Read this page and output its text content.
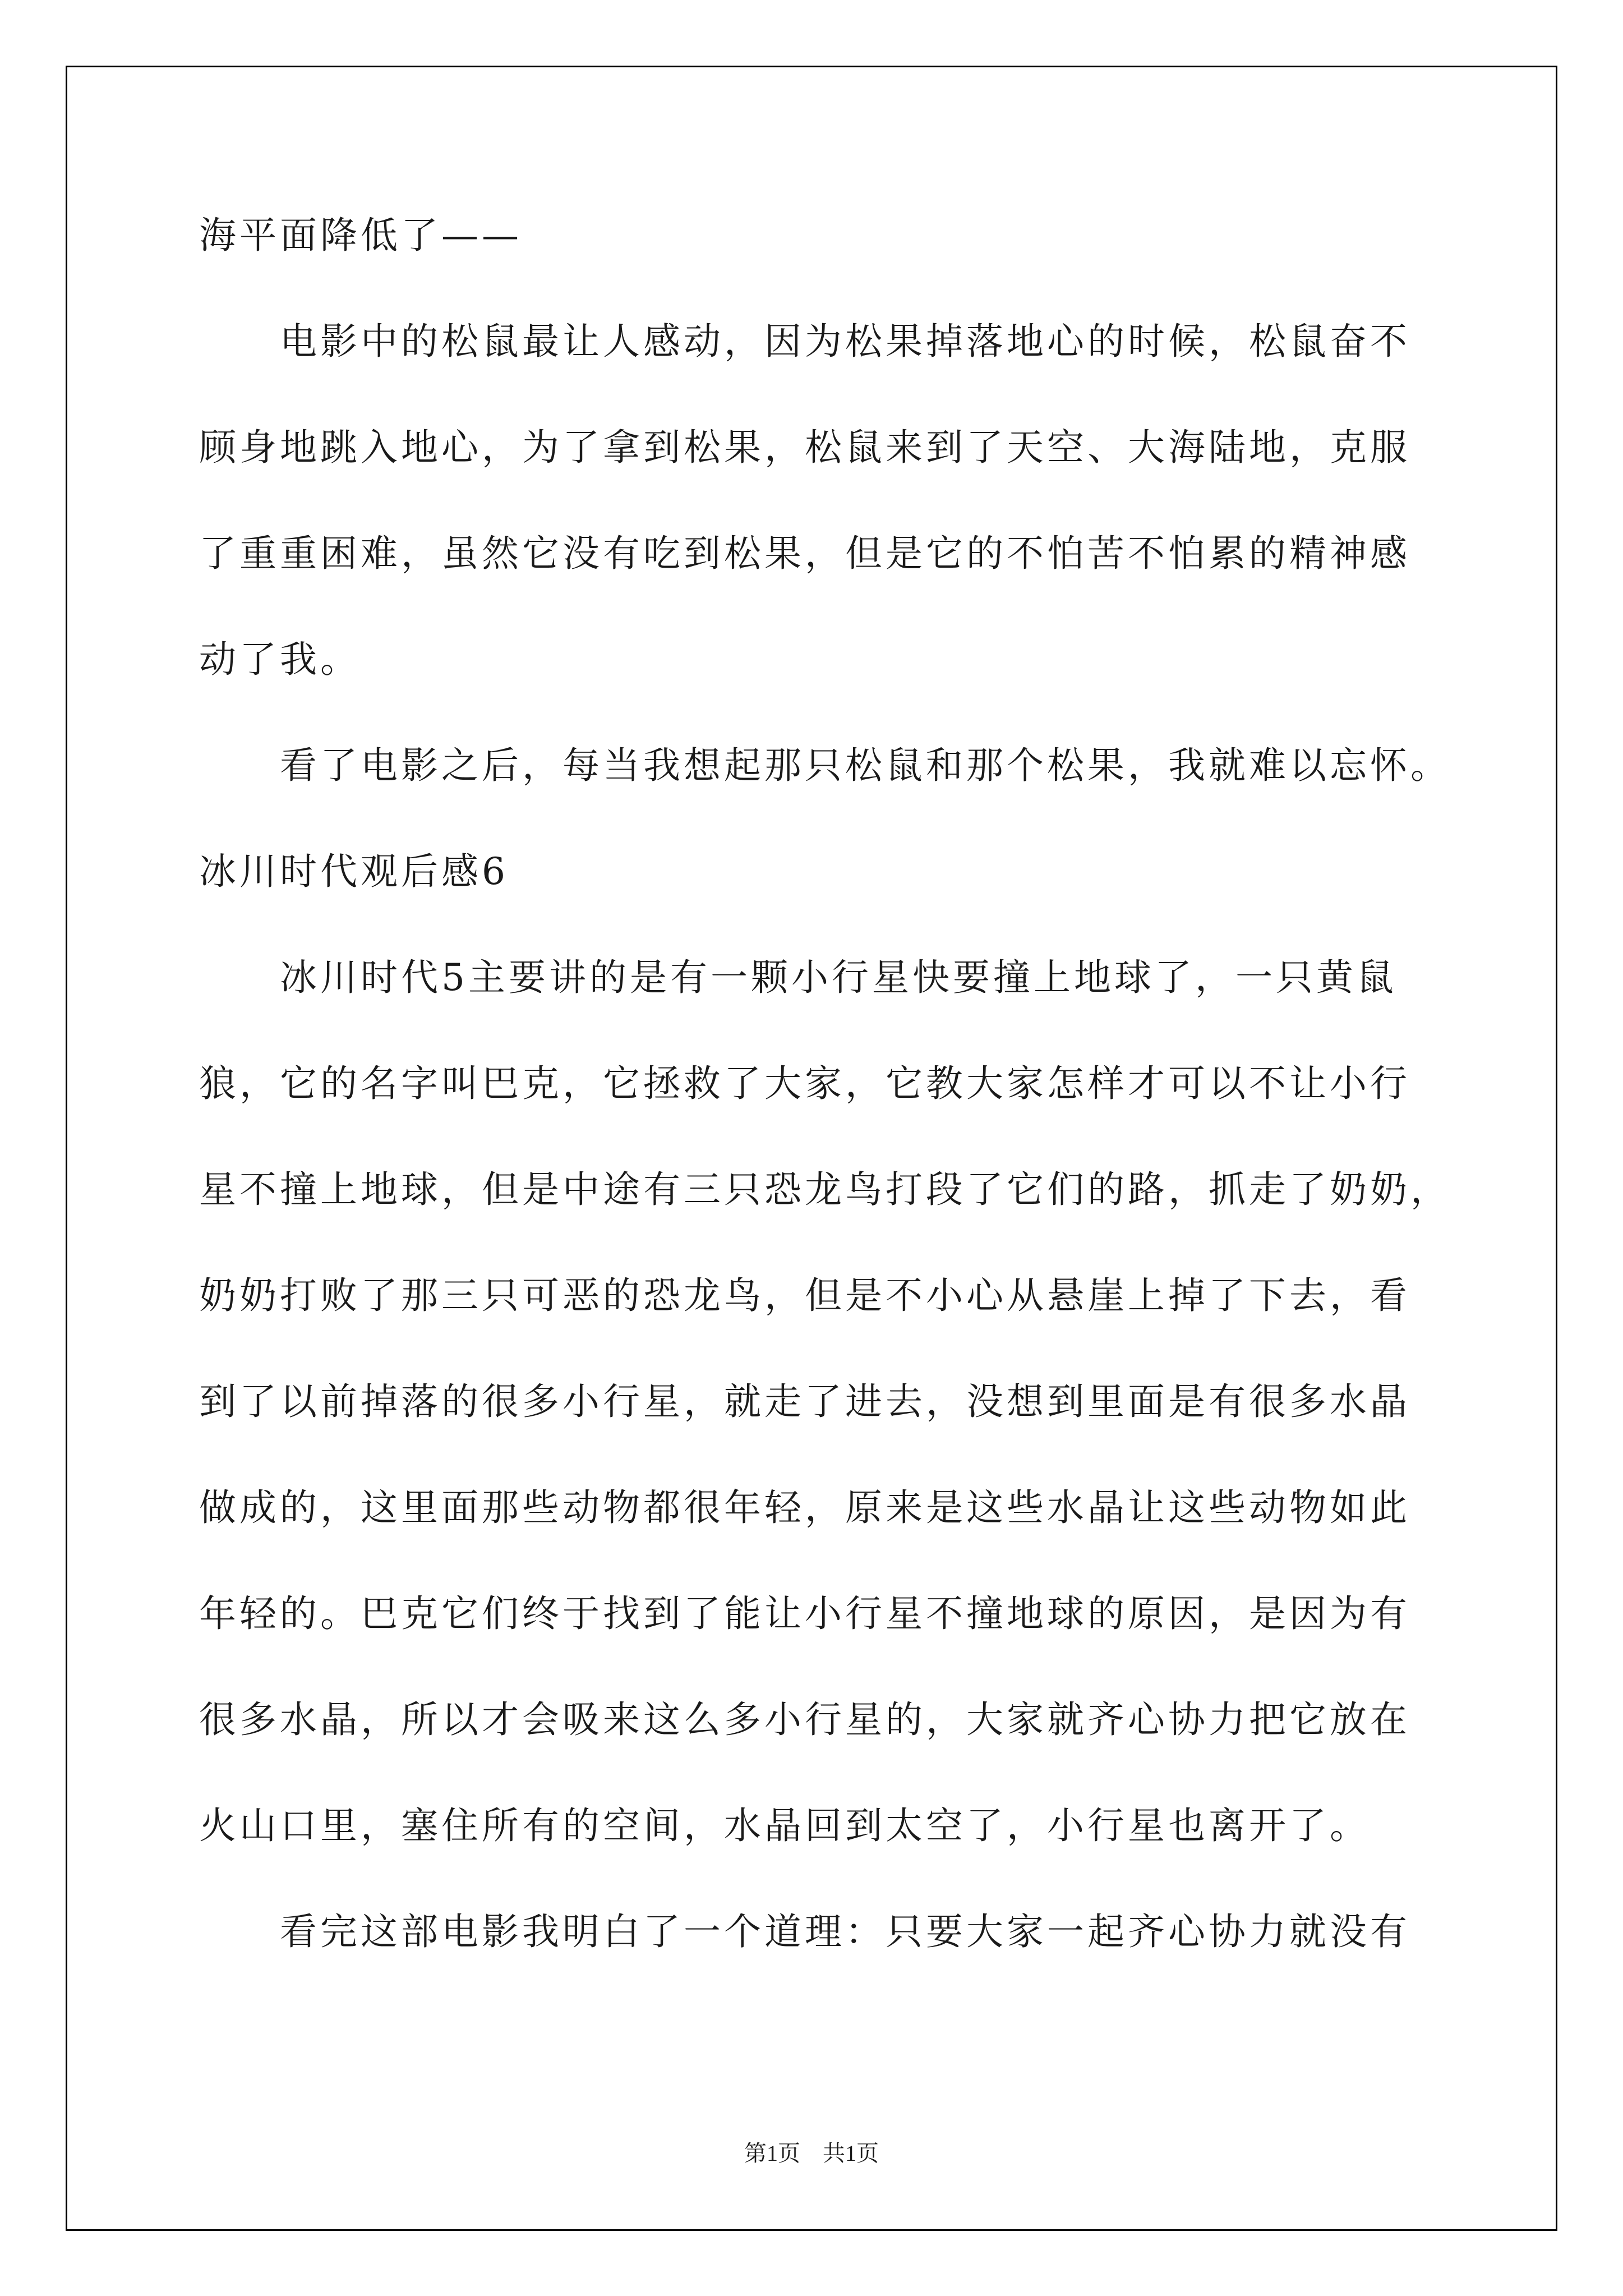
海平面降低了——
　　电影中的松鼠最让人感动，因为松果掉落地心的时候，松鼠奋不
顾身地跳入地心，为了拿到松果，松鼠来到了天空、大海陆地，克服
了重重困难，虽然它没有吃到松果，但是它的不怕苦不怕累的精神感
动了我。
　　看了电影之后，每当我想起那只松鼠和那个松果，我就难以忘怀。
冰川时代观后感6
　　冰川时代5主要讲的是有一颗小行星快要撞上地球了，一只黄鼠
狼，它的名字叫巴克，它拯救了大家，它教大家怎样才可以不让小行
星不撞上地球，但是中途有三只恐龙鸟打段了它们的路，抓走了奶奶，
奶奶打败了那三只可恶的恐龙鸟，但是不小心从悬崖上掉了下去，看
到了以前掉落的很多小行星，就走了进去，没想到里面是有很多水晶
做成的，这里面那些动物都很年轻，原来是这些水晶让这些动物如此
年轻的。巴克它们终于找到了能让小行星不撞地球的原因，是因为有
很多水晶，所以才会吸来这么多小行星的，大家就齐心协力把它放在
火山口里，塞住所有的空间，水晶回到太空了，小行星也离开了。
　　看完这部电影我明白了一个道理：只要大家一起齐心协力就没有
第1页　共1页
